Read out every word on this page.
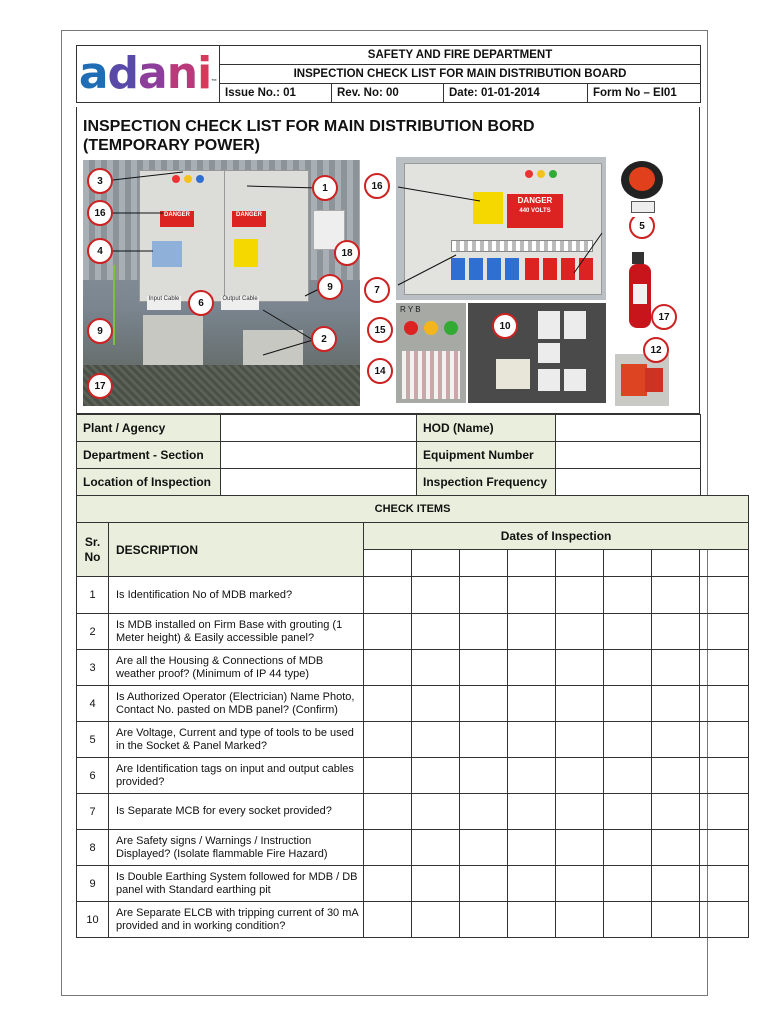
adani™	SAFETY AND FIRE DEPARTMENT			
	INSPECTION CHECK LIST FOR MAIN DISTRIBUTION BOARD			
	Issue No.: 01	Rev. No: 00	Date: 01-01-2014	Form No – EI01
INSPECTION CHECK LIST FOR MAIN DISTRIBUTION BORD
(TEMPORARY POWER)
DANGER	DANGER
Input Cable	Output Cable
3
16
4
1
18
9
6
2
9
17
DANGER
440 VOLTS
16
7
5
R Y B
15
14
10
17
12
Plant / Agency		HOD (Name)	
Department - Section		Equipment Number	
Location of Inspection		Inspection Frequency	
CHECK ITEMS									
Sr. No	DESCRIPTION	Dates of Inspection							

1	Is Identification No of MDB marked?								
2	Is MDB installed on Firm Base with grouting (1 Meter height) & Easily accessible panel?								
3	Are all the Housing & Connections of MDB weather proof? (Minimum of IP 44 type)								
4	Is Authorized Operator (Electrician) Name Photo, Contact No. pasted on MDB panel? (Confirm)								
5	Are Voltage, Current and type of tools to be used in the Socket & Panel Marked?								
6	Are Identification tags on input and output cables provided?								
7	Is Separate MCB for every socket provided?								
8	Are Safety signs / Warnings / Instruction Displayed? (Isolate flammable Fire Hazard)								
9	Is Double Earthing System followed for MDB / DB panel with Standard earthing pit								
10	Are Separate ELCB with tripping current of 30 mA provided and in working condition?								
